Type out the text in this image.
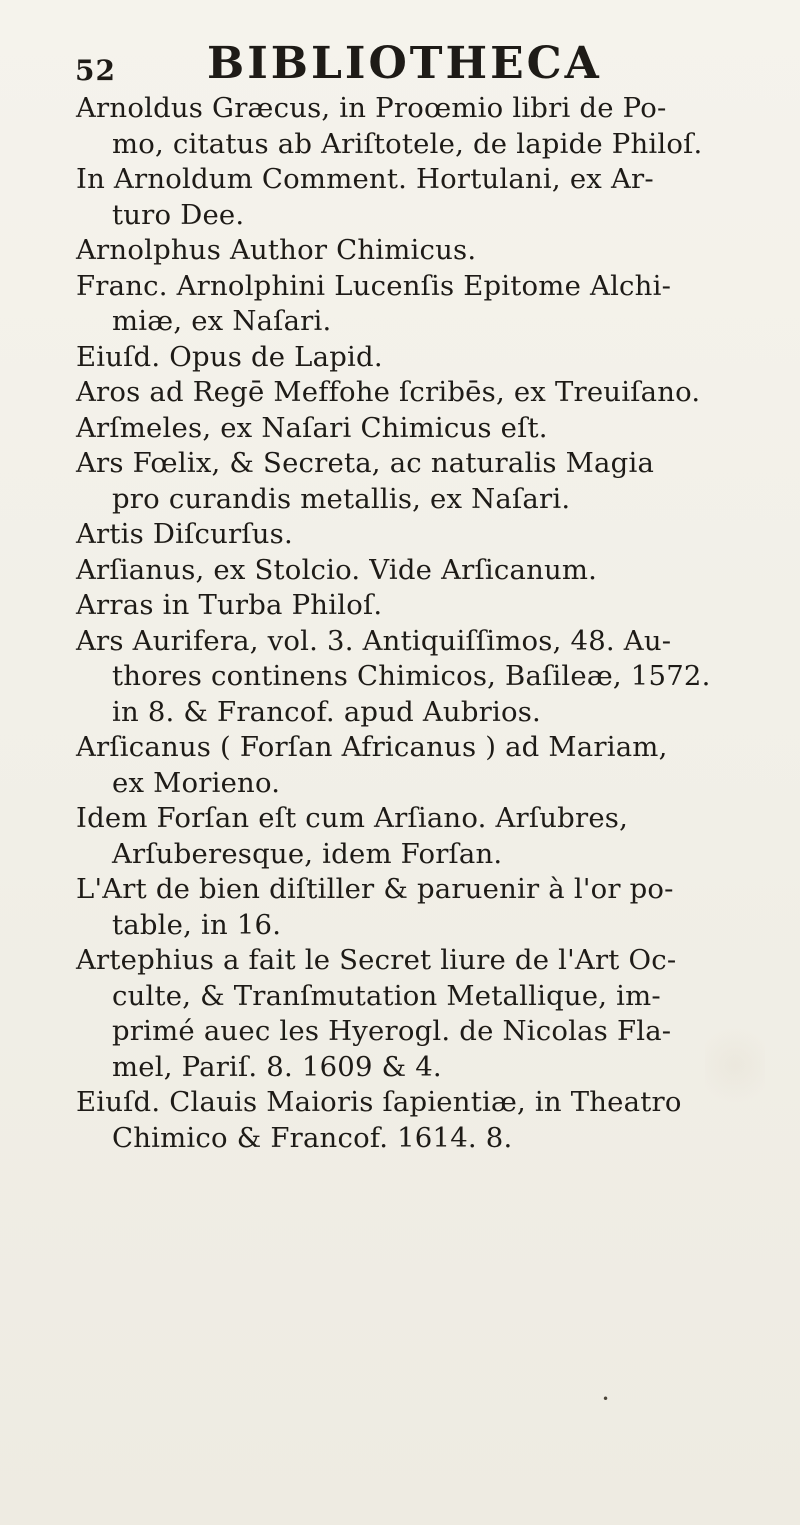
52 BIBLIOTHECA
Arnoldus Græcus, in Proœmio libri de Po-
mo, citatus ab Ariſtotele, de lapide Philoſ.
In Arnoldum Comment. Hortulani, ex Ar-
turo Dee.
Arnolphus Author Chimicus.
Franc. Arnolphini Lucenſis Epitome Alchi-
miæ, ex Naſari.
Eiuſd. Opus de Lapid.
Aros ad Regē Meffohe ſcribēs, ex Treuiſano.
Arſmeles, ex Naſari Chimicus eſt.
Ars Fœlix, & Secreta, ac naturalis Magia
pro curandis metallis, ex Naſari.
Artis Diſcurſus.
Arſianus, ex Stolcio. Vide Arſicanum.
Arras in Turba Philoſ.
Ars Aurifera, vol. 3. Antiquiſſimos, 48. Au-
thores continens Chimicos, Baſileæ, 1572.
in 8. & Francof. apud Aubrios.
Arſicanus ( Forſan Africanus ) ad Mariam,
ex Morieno.
Idem Forſan eſt cum Arſiano. Arſubres,
Arſuberesque, idem Forſan.
L'Art de bien diſtiller & paruenir à l'or po-
table, in 16.
Artephius a fait le Secret liure de l'Art Oc-
culte, & Tranſmutation Metallique, im-
primé auec les Hyerogl. de Nicolas Fla-
mel, Pariſ. 8. 1609 & 4.
Eiuſd. Clauis Maioris ſapientiæ, in Theatro
Chimico & Francof. 1614. 8.
•
